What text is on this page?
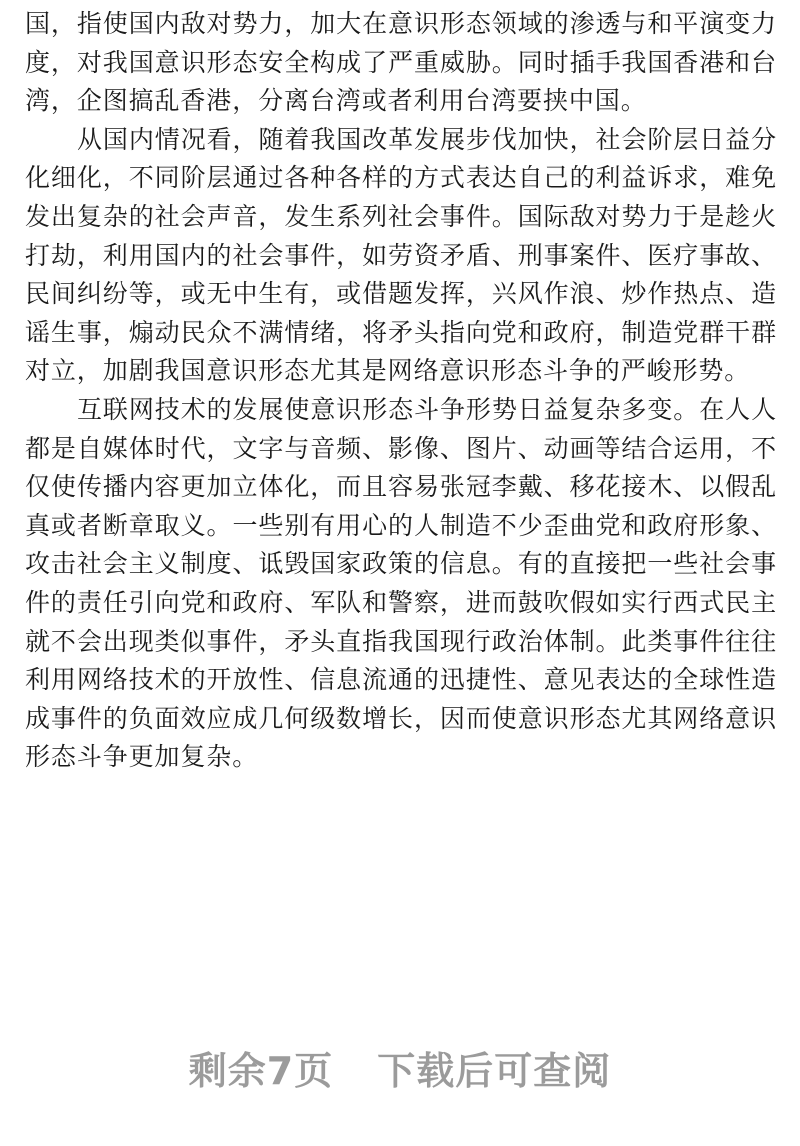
国，指使国内敌对势力，加大在意识形态领域的渗透与和平演变力度，对我国意识形态安全构成了严重威胁。同时插手我国香港和台湾，企图搞乱香港，分离台湾或者利用台湾要挟中国。

从国内情况看，随着我国改革发展步伐加快，社会阶层日益分化细化，不同阶层通过各种各样的方式表达自己的利益诉求，难免发出复杂的社会声音，发生系列社会事件。国际敌对势力于是趁火打劫，利用国内的社会事件，如劳资矛盾、刑事案件、医疗事故、民间纠纷等，或无中生有，或借题发挥，兴风作浪、炒作热点、造谣生事，煽动民众不满情绪，将矛头指向党和政府，制造党群干群对立，加剧我国意识形态尤其是网络意识形态斗争的严峻形势。

互联网技术的发展使意识形态斗争形势日益复杂多变。在人人都是自媒体时代，文字与音频、影像、图片、动画等结合运用，不仅使传播内容更加立体化，而且容易张冠李戴、移花接木、以假乱真或者断章取义。一些别有用心的人制造不少歪曲党和政府形象、攻击社会主义制度、诋毁国家政策的信息。有的直接把一些社会事件的责任引向党和政府、军队和警察，进而鼓吹假如实行西式民主就不会出现类似事件，矛头直指我国现行政治体制。此类事件往往利用网络技术的开放性、信息流通的迅捷性、意见表达的全球性造成事件的负面效应成几何级数增长，因而使意识形态尤其网络意识形态斗争更加复杂。

剩余7页 下载后可查阅
